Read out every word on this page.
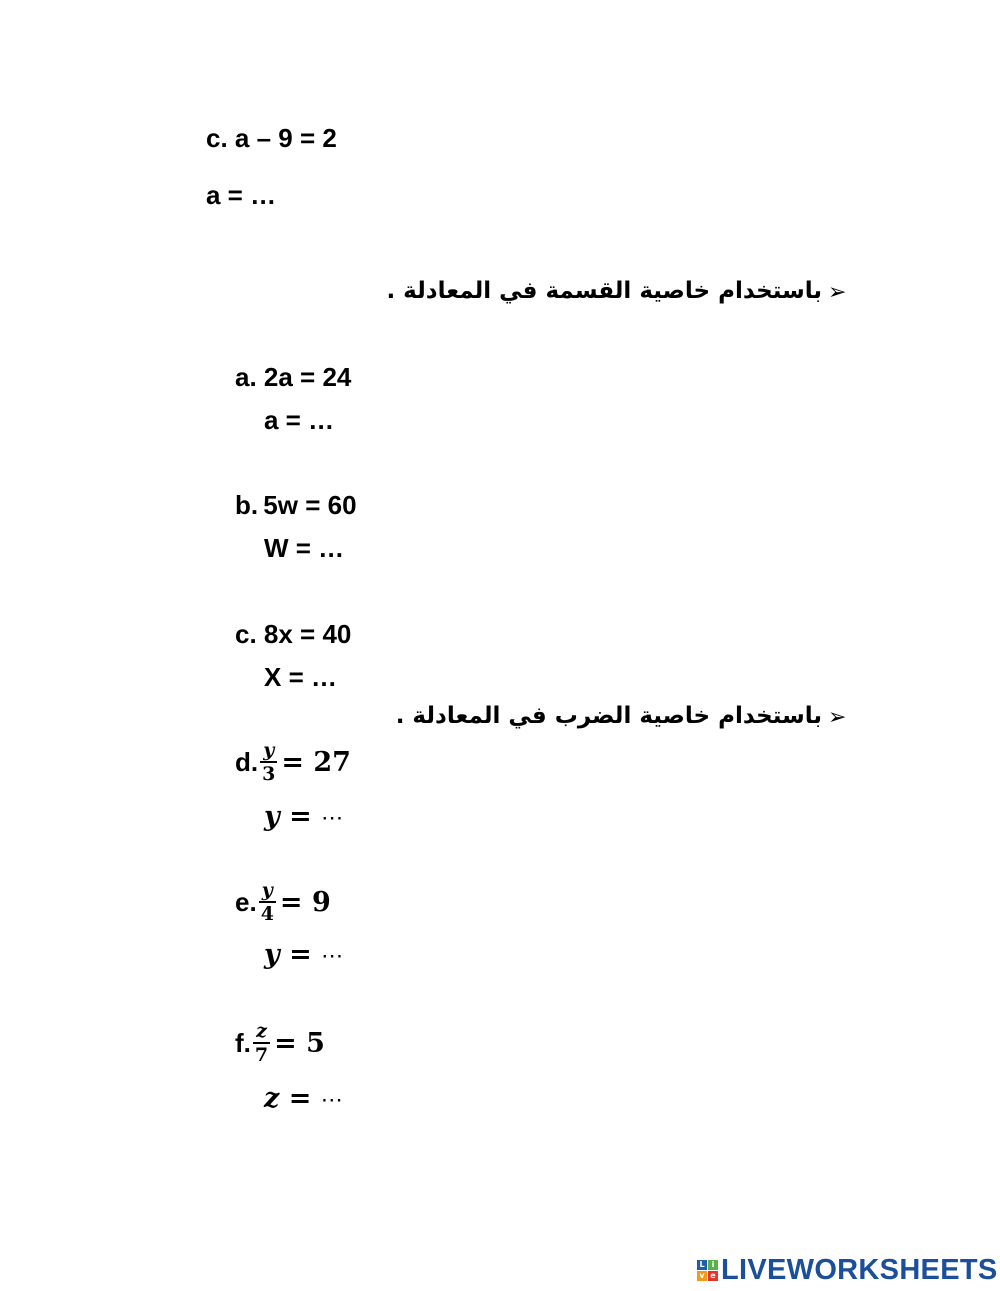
c. a – 9 = 2
a = …
➢
باستخدام خاصية القسمة في المعادلة .
a. 2a = 24
a = …
b. 5w = 60
W = …
c. 8x = 40
X = …
➢
باستخدام خاصية الضرب في المعادلة .
d. $\frac{y}{3} = 27$
y = ⋯
e. $\frac{y}{4} = 9$
y = ⋯
f. $\frac{z}{7} = 5$
z = ⋯
L i
v e LIVEWORKSHEETS
